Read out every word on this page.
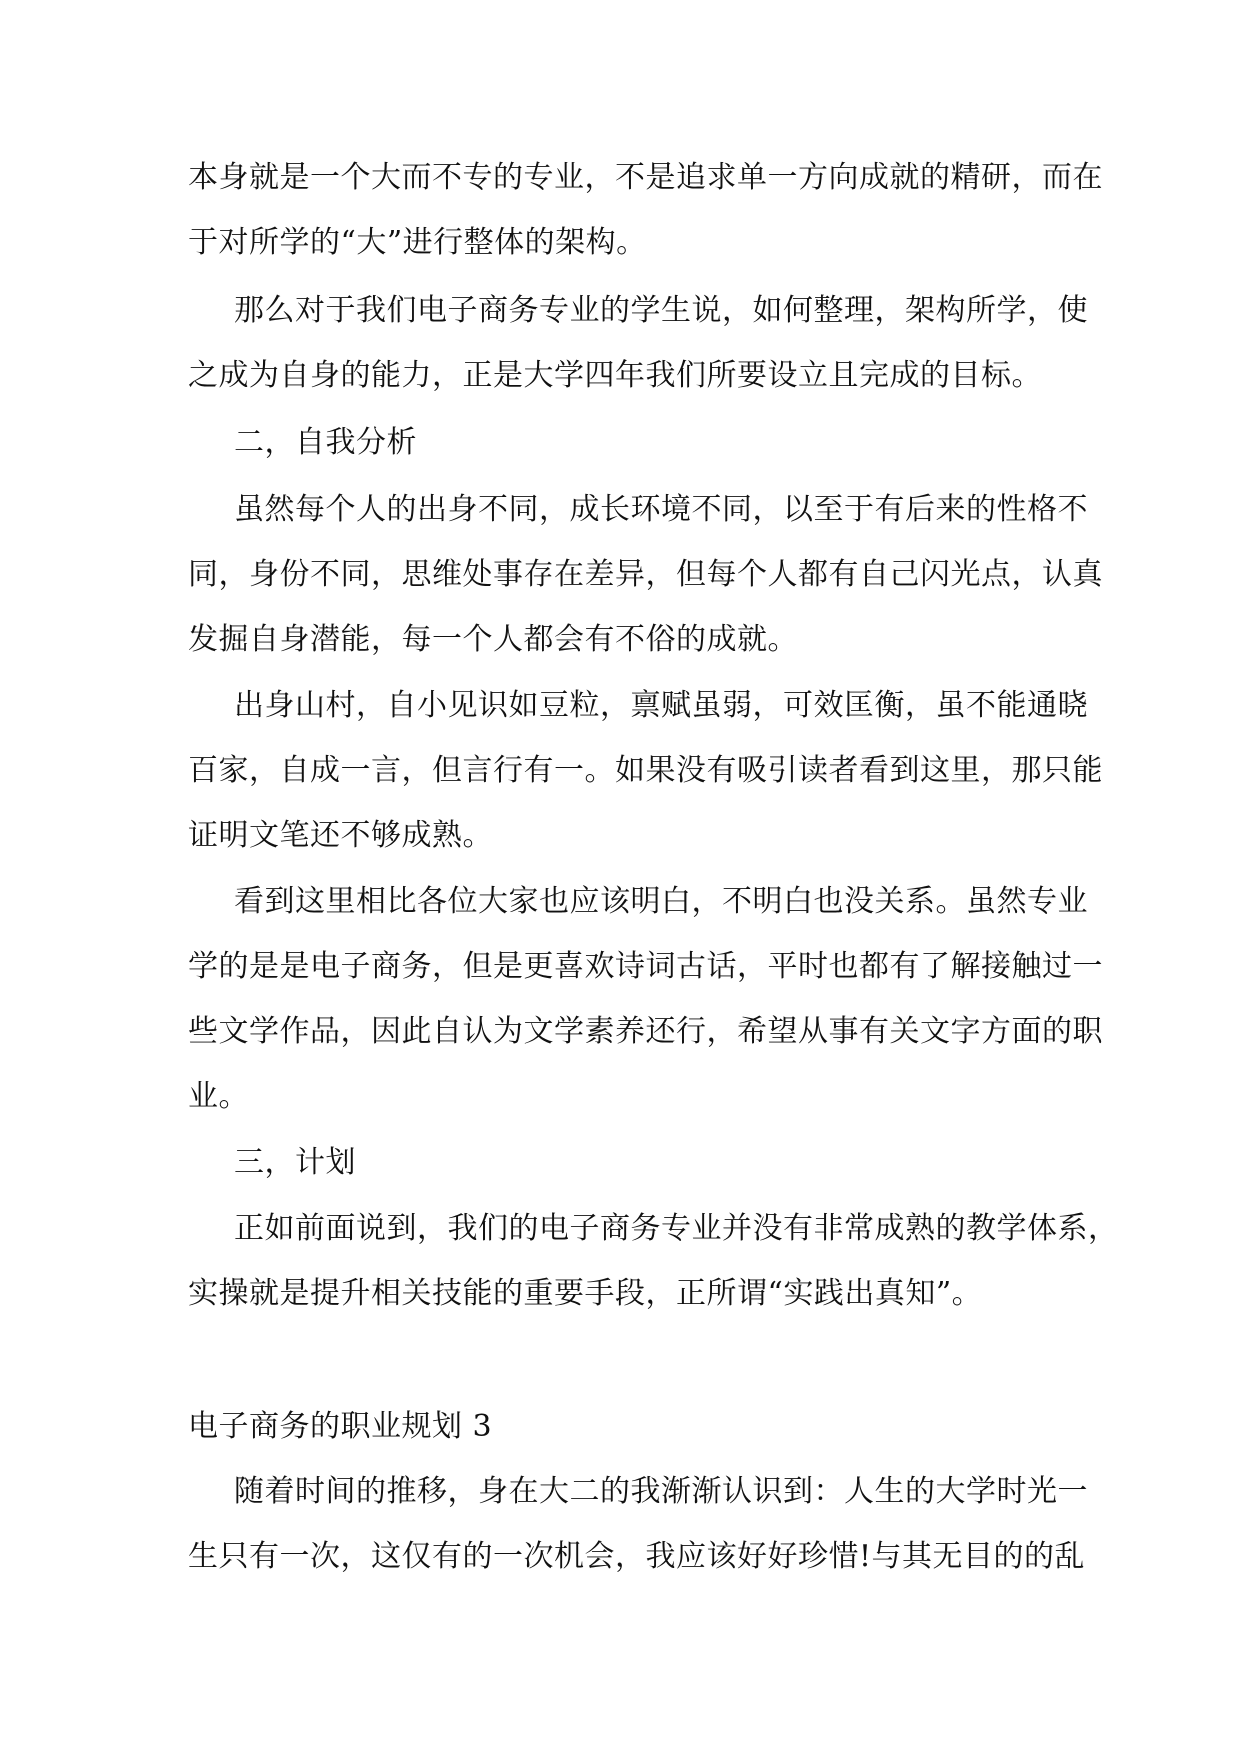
本身就是一个大而不专的专业，不是追求单一方向成就的精研，而在
于对所学的“大”进行整体的架构。

那么对于我们电子商务专业的学生说，如何整理，架构所学，使
之成为自身的能力，正是大学四年我们所要设立且完成的目标。

二，自我分析

虽然每个人的出身不同，成长环境不同，以至于有后来的性格不
同，身份不同，思维处事存在差异，但每个人都有自己闪光点，认真
发掘自身潜能，每一个人都会有不俗的成就。

出身山村，自小见识如豆粒，禀赋虽弱，可效匡衡，虽不能通晓
百家，自成一言，但言行有一。如果没有吸引读者看到这里，那只能
证明文笔还不够成熟。

看到这里相比各位大家也应该明白，不明白也没关系。虽然专业
学的是是电子商务，但是更喜欢诗词古话，平时也都有了解接触过一
些文学作品，因此自认为文学素养还行，希望从事有关文字方面的职
业。

三，计划

正如前面说到，我们的电子商务专业并没有非常成熟的教学体系，
实操就是提升相关技能的重要手段，正所谓“实践出真知”。

电子商务的职业规划 3

随着时间的推移，身在大二的我渐渐认识到：人生的大学时光一
生只有一次，这仅有的一次机会，我应该好好珍惜!与其无目的的乱
